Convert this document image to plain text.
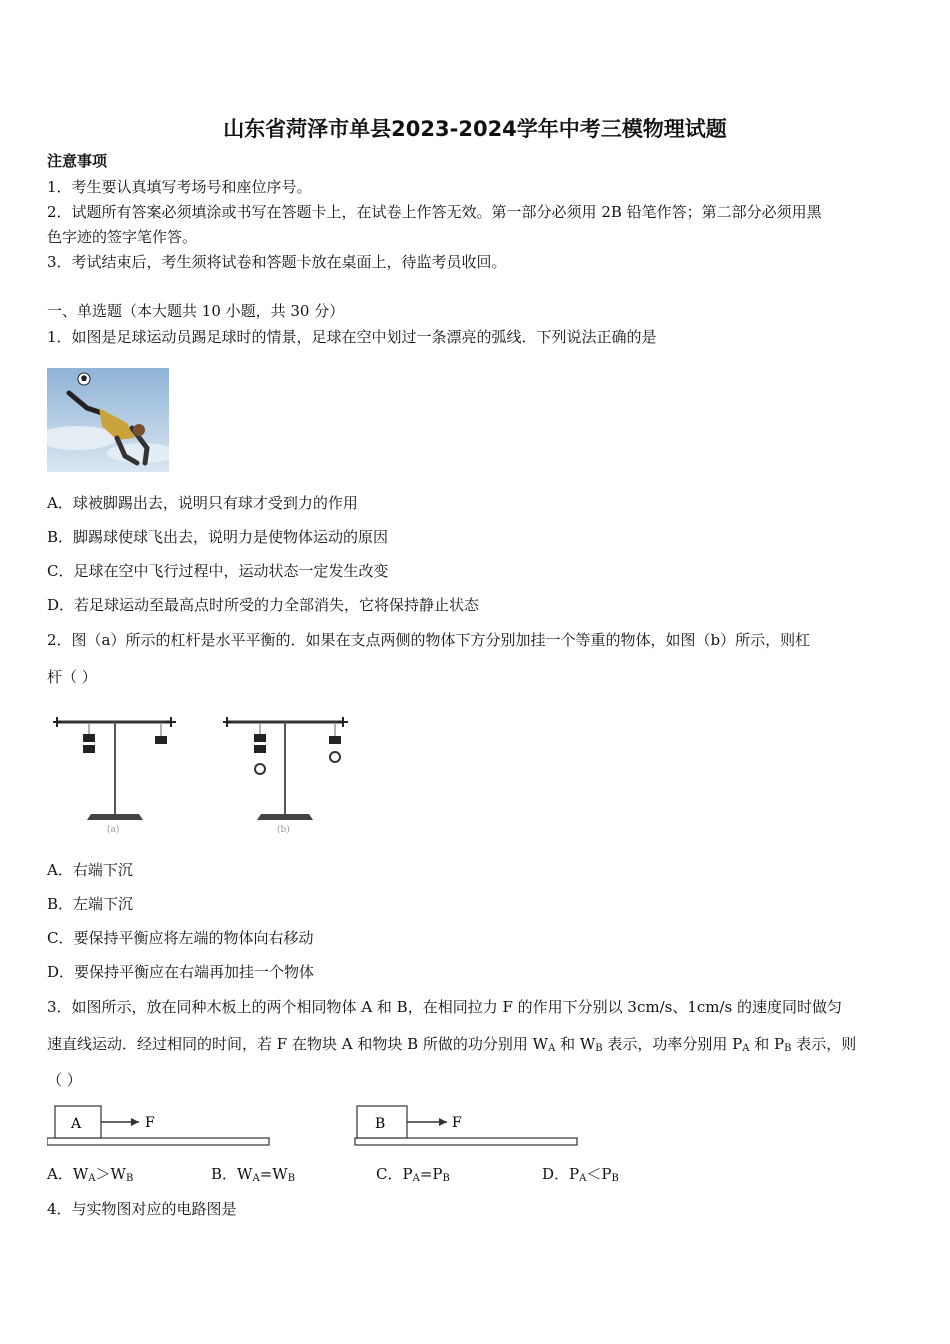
山东省菏泽市单县2023-2024学年中考三模物理试题
注意事项
1．考生要认真填写考场号和座位序号。
2．试题所有答案必须填涂或书写在答题卡上，在试卷上作答无效。第一部分必须用 2B 铅笔作答；第二部分必须用黑
色字迹的签字笔作答。
3．考试结束后，考生须将试卷和答题卡放在桌面上，待监考员收回。
一、单选题（本大题共 10 小题，共 30 分）
1．如图是足球运动员踢足球时的情景，足球在空中划过一条漂亮的弧线．下列说法正确的是
A．球被脚踢出去，说明只有球才受到力的作用
B．脚踢球使球飞出去，说明力是使物体运动的原因
C．足球在空中飞行过程中，运动状态一定发生改变
D．若足球运动至最高点时所受的力全部消失，它将保持静止状态
2．图（a）所示的杠杆是水平平衡的．如果在支点两侧的物体下方分别加挂一个等重的物体，如图（b）所示，则杠
杆（ ）
(a)	(b)
A．右端下沉
B．左端下沉
C．要保持平衡应将左端的物体向右移动
D．要保持平衡应在右端再加挂一个物体
3．如图所示，放在同种木板上的两个相同物体 A 和 B，在相同拉力 F 的作用下分别以 3cm/s、1cm/s 的速度同时做匀
速直线运动．经过相同的时间，若 F 在物块 A 和物块 B 所做的功分别用 $W_A$ 和 $W_B$ 表示，功率分别用 $P_A$ 和 $P_B$ 表示，则
（ ）
A	F	B	F
A．$W_A>W_B$	B．$W_A=W_B$	C．$P_A=P_B$	D．$P_A<P_B$
4．与实物图对应的电路图是
